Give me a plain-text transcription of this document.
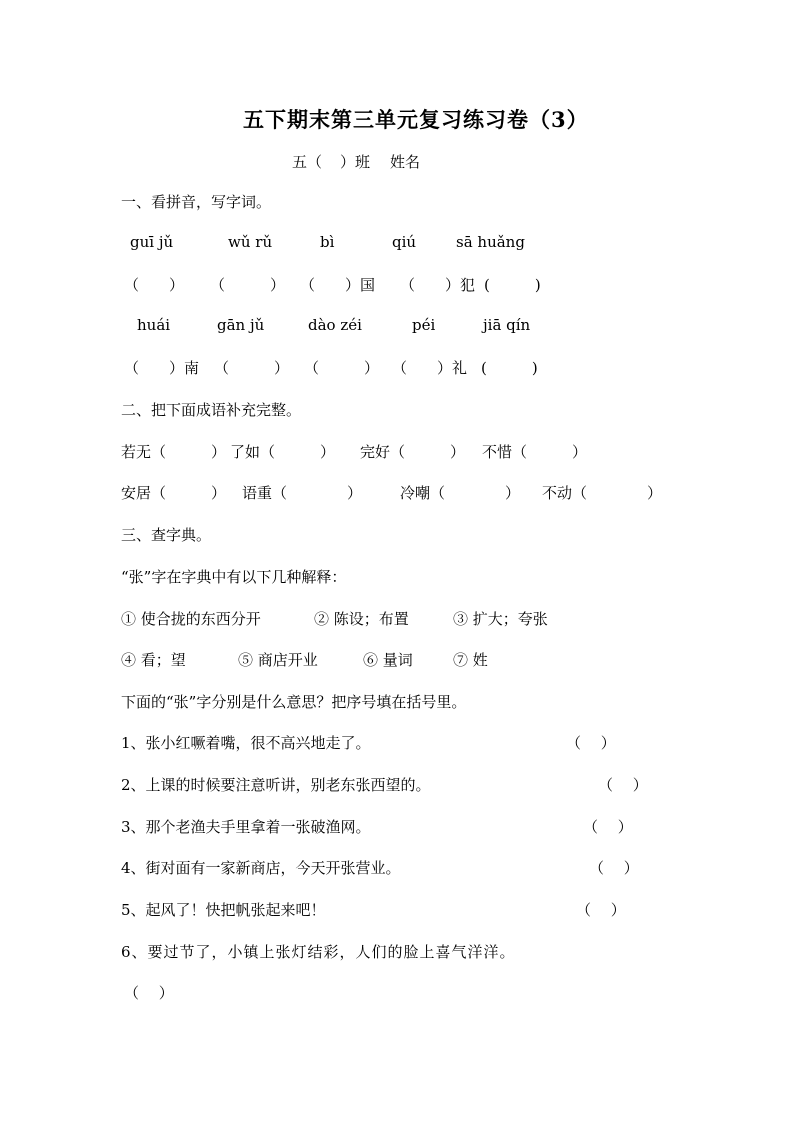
五下期末第三单元复习练习卷（3）
五（ ）班 姓名
一、看拼音，写字词。
guī jǔ	wǔ rǔ	bì	qiú	sā huǎng
（　　） （　　　） （　　）国 （　　）犯 (　　　)
huái	gān jǔ	dào zéi	péi	jiā qín
（　　）南 （　　　） （　　　） （　　）礼 (　　　)
二、把下面成语补充完整。
若无（　　　） 了如（　　　） 完好（　　　） 不惜（　　　）
安居（　　　） 语重（　　　　）	冷嘲（　　　　） 不动（　　　　）
三、查字典。
“张”字在字典中有以下几种解释：
① 使合拢的东西分开	② 陈设；布置	③ 扩大；夸张
④ 看；望	⑤ 商店开业	⑥ 量词	⑦ 姓
下面的“张”字分别是什么意思？把序号填在括号里。
1、张小红噘着嘴，很不高兴地走了。	（　 ）
2、上课的时候要注意听讲，别老东张西望的。	（　 ）
3、那个老渔夫手里拿着一张破渔网。	（　 ）
4、街对面有一家新商店，今天开张营业。	（　 ）
5、起风了！快把帆张起来吧！	（　 ）
6、要过节了，小镇上张灯结彩，人们的脸上喜气洋洋。
（　 ）
